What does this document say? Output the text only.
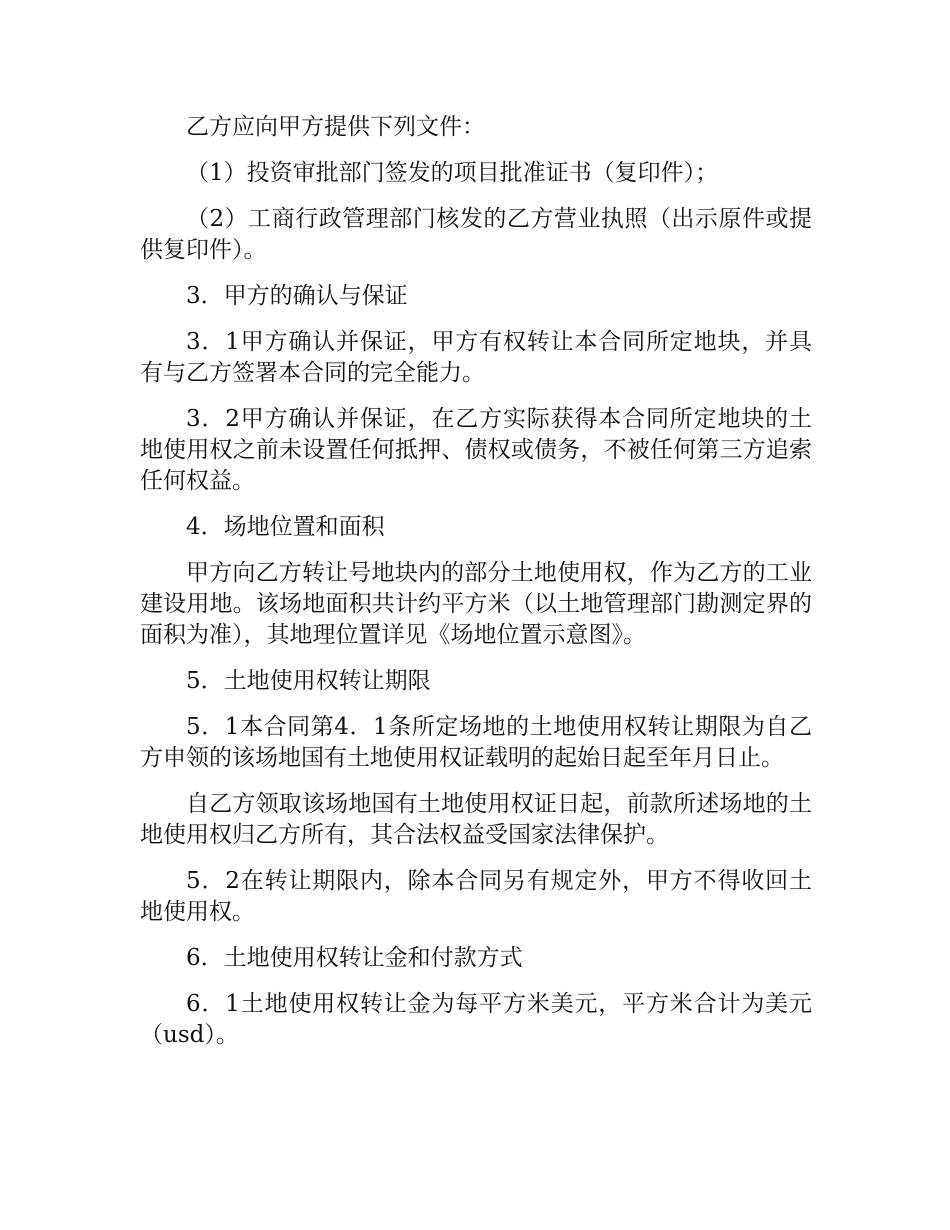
乙方应向甲方提供下列文件：

（1）投资审批部门签发的项目批准证书（复印件）；

（2）工商行政管理部门核发的乙方营业执照（出示原件或提供复印件）。

3．甲方的确认与保证

3．1甲方确认并保证，甲方有权转让本合同所定地块，并具有与乙方签署本合同的完全能力。

3．2甲方确认并保证，在乙方实际获得本合同所定地块的土地使用权之前未设置任何抵押、债权或债务，不被任何第三方追索任何权益。

4．场地位置和面积

甲方向乙方转让号地块内的部分土地使用权，作为乙方的工业建设用地。该场地面积共计约平方米（以土地管理部门勘测定界的面积为准），其地理位置详见《场地位置示意图》。

5．土地使用权转让期限

5．1本合同第4．1条所定场地的土地使用权转让期限为自乙方申领的该场地国有土地使用权证载明的起始日起至年月日止。

自乙方领取该场地国有土地使用权证日起，前款所述场地的土地使用权归乙方所有，其合法权益受国家法律保护。

5．2在转让期限内，除本合同另有规定外，甲方不得收回土地使用权。

6．土地使用权转让金和付款方式

6．1土地使用权转让金为每平方米美元，平方米合计为美元（usd）。
